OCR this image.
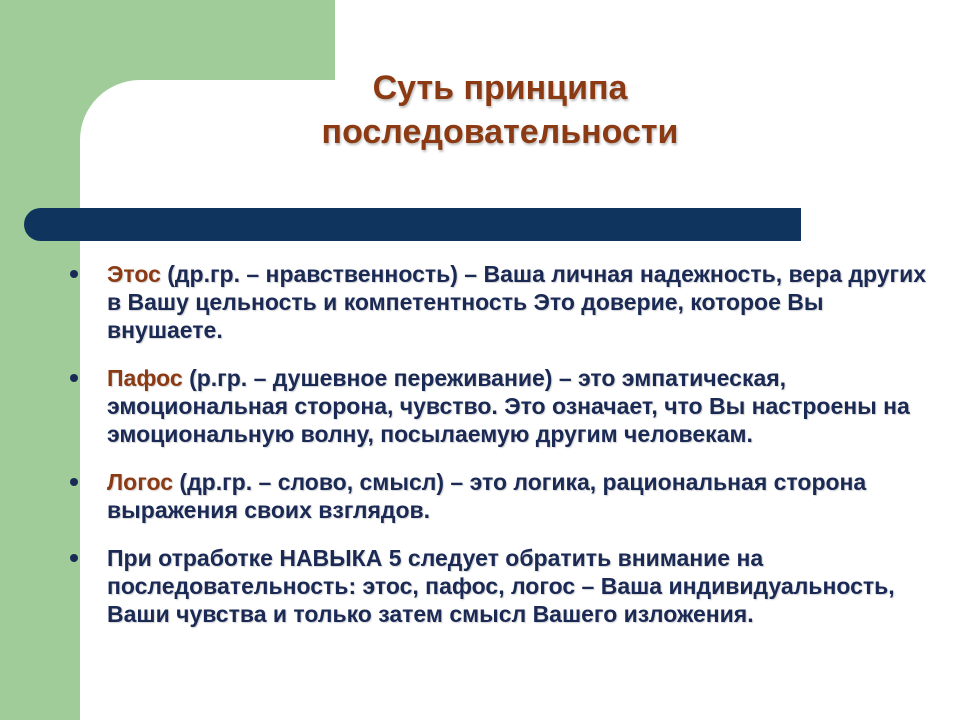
Суть принципа
последовательности
Этос (др.гр. – нравственность) – Ваша личная надежность, вера других в Вашу цельность и компетентность Это доверие, которое Вы внушаете.
Пафос (р.гр. – душевное переживание) – это эмпатическая, эмоциональная сторона, чувство. Это означает, что Вы настроены на эмоциональную волну, посылаемую другим человекам.
Логос (др.гр. – слово, смысл) – это логика, рациональная сторона выражения своих взглядов.
При отработке НАВЫКА 5 следует обратить внимание на последовательность: этос, пафос, логос – Ваша индивидуальность, Ваши чувства и только затем смысл Вашего изложения.
